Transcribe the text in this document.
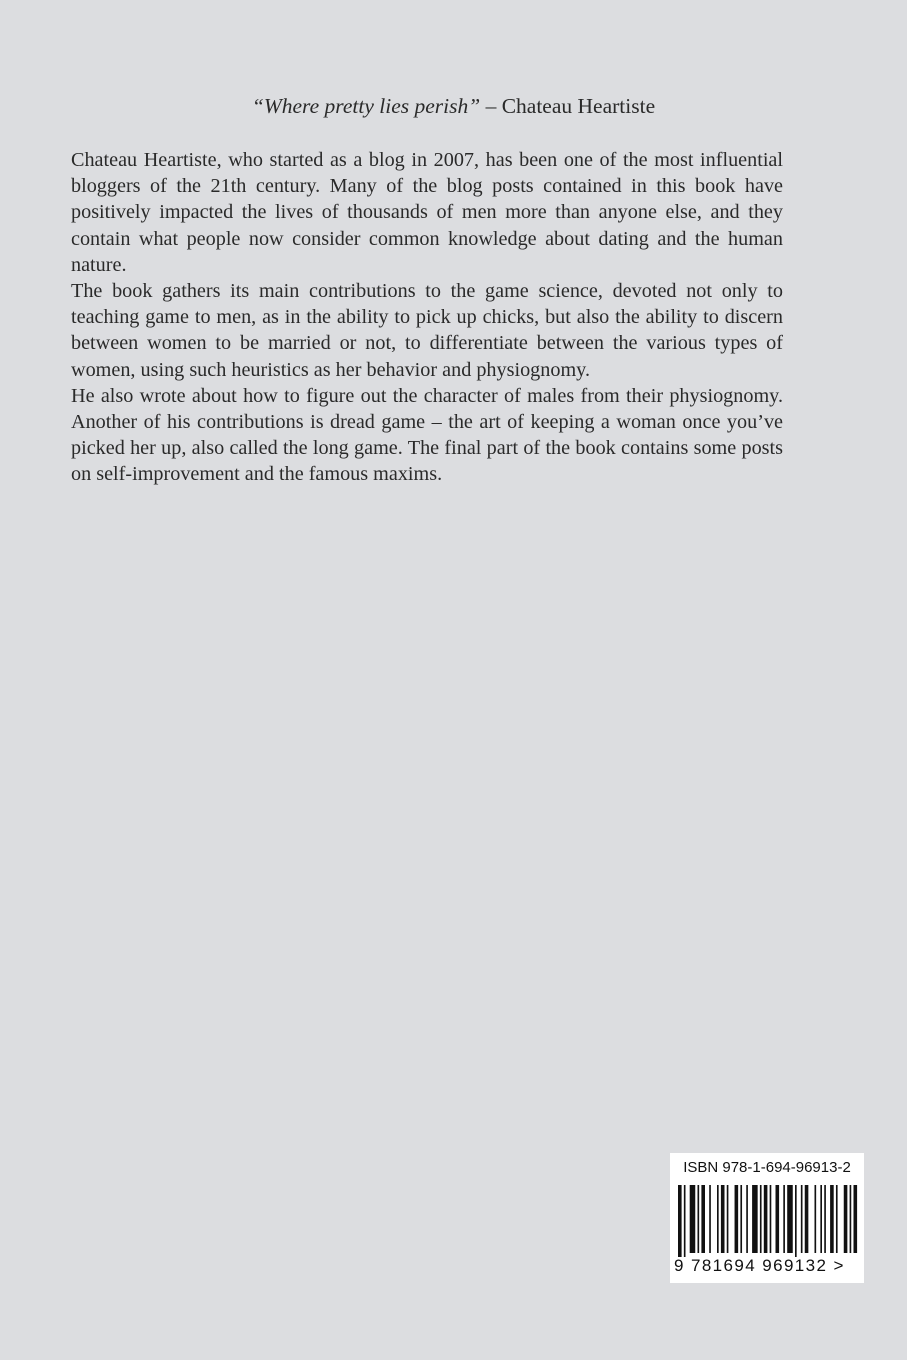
“Where pretty lies perish” – Chateau Heartiste

Chateau Heartiste, who started as a blog in 2007, has been one of the most influential bloggers of the 21th century. Many of the blog posts contained in this book have positively impacted the lives of thousands of men more than anyone else, and they contain what people now consider common knowledge about dating and the human nature.

The book gathers its main contributions to the game science, devoted not only to teaching game to men, as in the ability to pick up chicks, but also the ability to discern between women to be married or not, to differentiate between the various types of women, using such heuristics as her behavior and physiognomy.

He also wrote about how to figure out the character of males from their physiognomy. Another of his contributions is dread game – the art of keeping a woman once you’ve picked her up, also called the long game. The final part of the book contains some posts on self-improvement and the famous maxims.

ISBN 978-1-694-96913-2
9 781694 969132 >
